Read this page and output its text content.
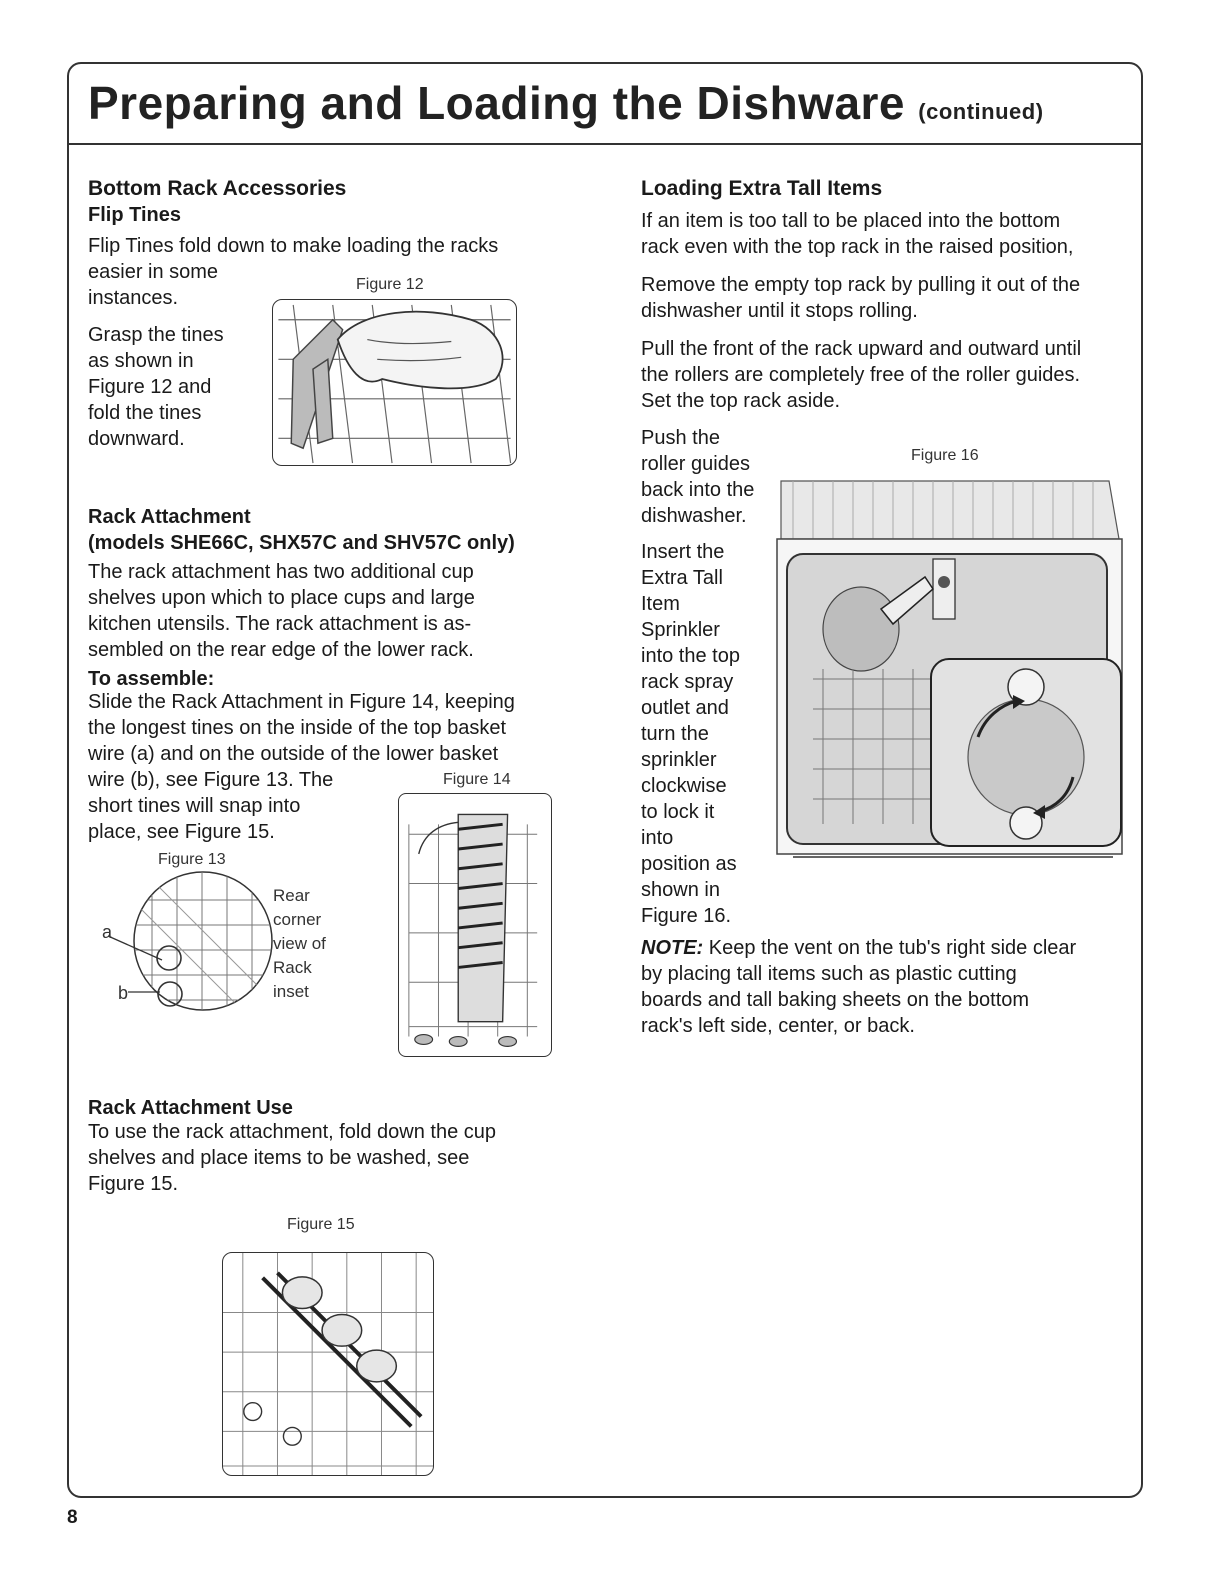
Preparing and Loading the Dishware (continued)
Bottom Rack Accessories
Flip Tines

Flip Tines fold down to make loading the racks

easier in some

instances.

Grasp the tines

as shown in

Figure 12 and

fold the tines

downward.

Figure 12

Rack Attachment
(models SHE66C, SHX57C and SHV57C only)

The rack attachment has two additional cup

shelves upon which to place cups and large

kitchen utensils. The rack attachment is as-

sembled on the rear edge of the lower rack.

To assemble:

Slide the Rack Attachment in Figure 14, keeping

the longest tines on the inside of the top basket

wire (a) and on the outside of the lower basket

wire (b), see Figure 13. The

short tines will snap into

place, see Figure 15.

Figure 13

a

b

Rear

corner

view of

Rack

inset

Figure 14

Rack Attachment Use

To use the rack attachment, fold down the cup

shelves and place items to be washed, see

Figure 15.

Figure 15

Loading Extra Tall Items

If an item is too tall to be placed into the bottom

rack even with the top rack in the raised position,

Remove the empty top rack by pulling it out of the

dishwasher until it stops rolling.

Pull the front of the rack upward and outward until

the rollers are completely free of the roller guides.

Set the top rack aside.

Push the

roller guides

back into the

dishwasher.

Insert the

Extra Tall

Item

Sprinkler

into the top

rack spray

outlet and

turn the

sprinkler

clockwise

to lock it

into

position as

shown in

Figure 16.

Figure 16

NOTE: Keep the vent on the tub's right side clear

by placing tall items such as plastic cutting

boards and tall baking sheets on the bottom

rack's left side, center, or back.

8
